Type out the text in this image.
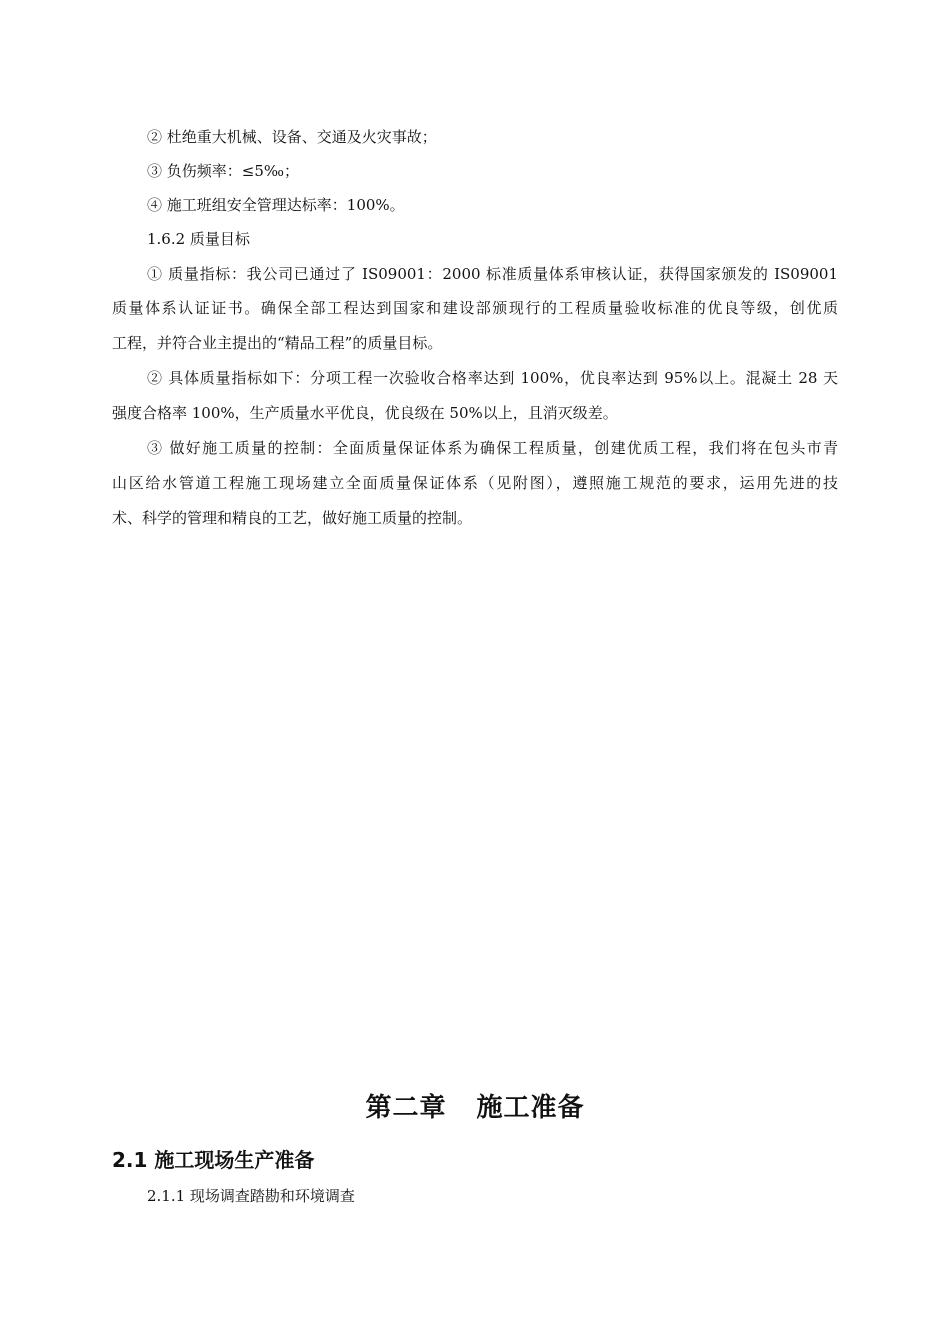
② 杜绝重大机械、设备、交通及火灾事故；
③ 负伤频率：≤5‰；
④ 施工班组安全管理达标率：100%。
1.6.2 质量目标
① 质量指标：我公司已通过了 IS09001：2000 标准质量体系审核认证，获得国家颁发的 IS09001
质量体系认证证书。确保全部工程达到国家和建设部颁现行的工程质量验收标准的优良等级，创优质
工程，并符合业主提出的“精品工程”的质量目标。
② 具体质量指标如下：分项工程一次验收合格率达到 100%，优良率达到 95%以上。混凝土 28 天
强度合格率 100%，生产质量水平优良，优良级在 50%以上，且消灭级差。
③ 做好施工质量的控制：全面质量保证体系为确保工程质量，创建优质工程，我们将在包头市青
山区给水管道工程施工现场建立全面质量保证体系（见附图），遵照施工规范的要求，运用先进的技
术、科学的管理和精良的工艺，做好施工质量的控制。
第二章 施工准备
2.1 施工现场生产准备
2.1.1 现场调查踏勘和环境调查
